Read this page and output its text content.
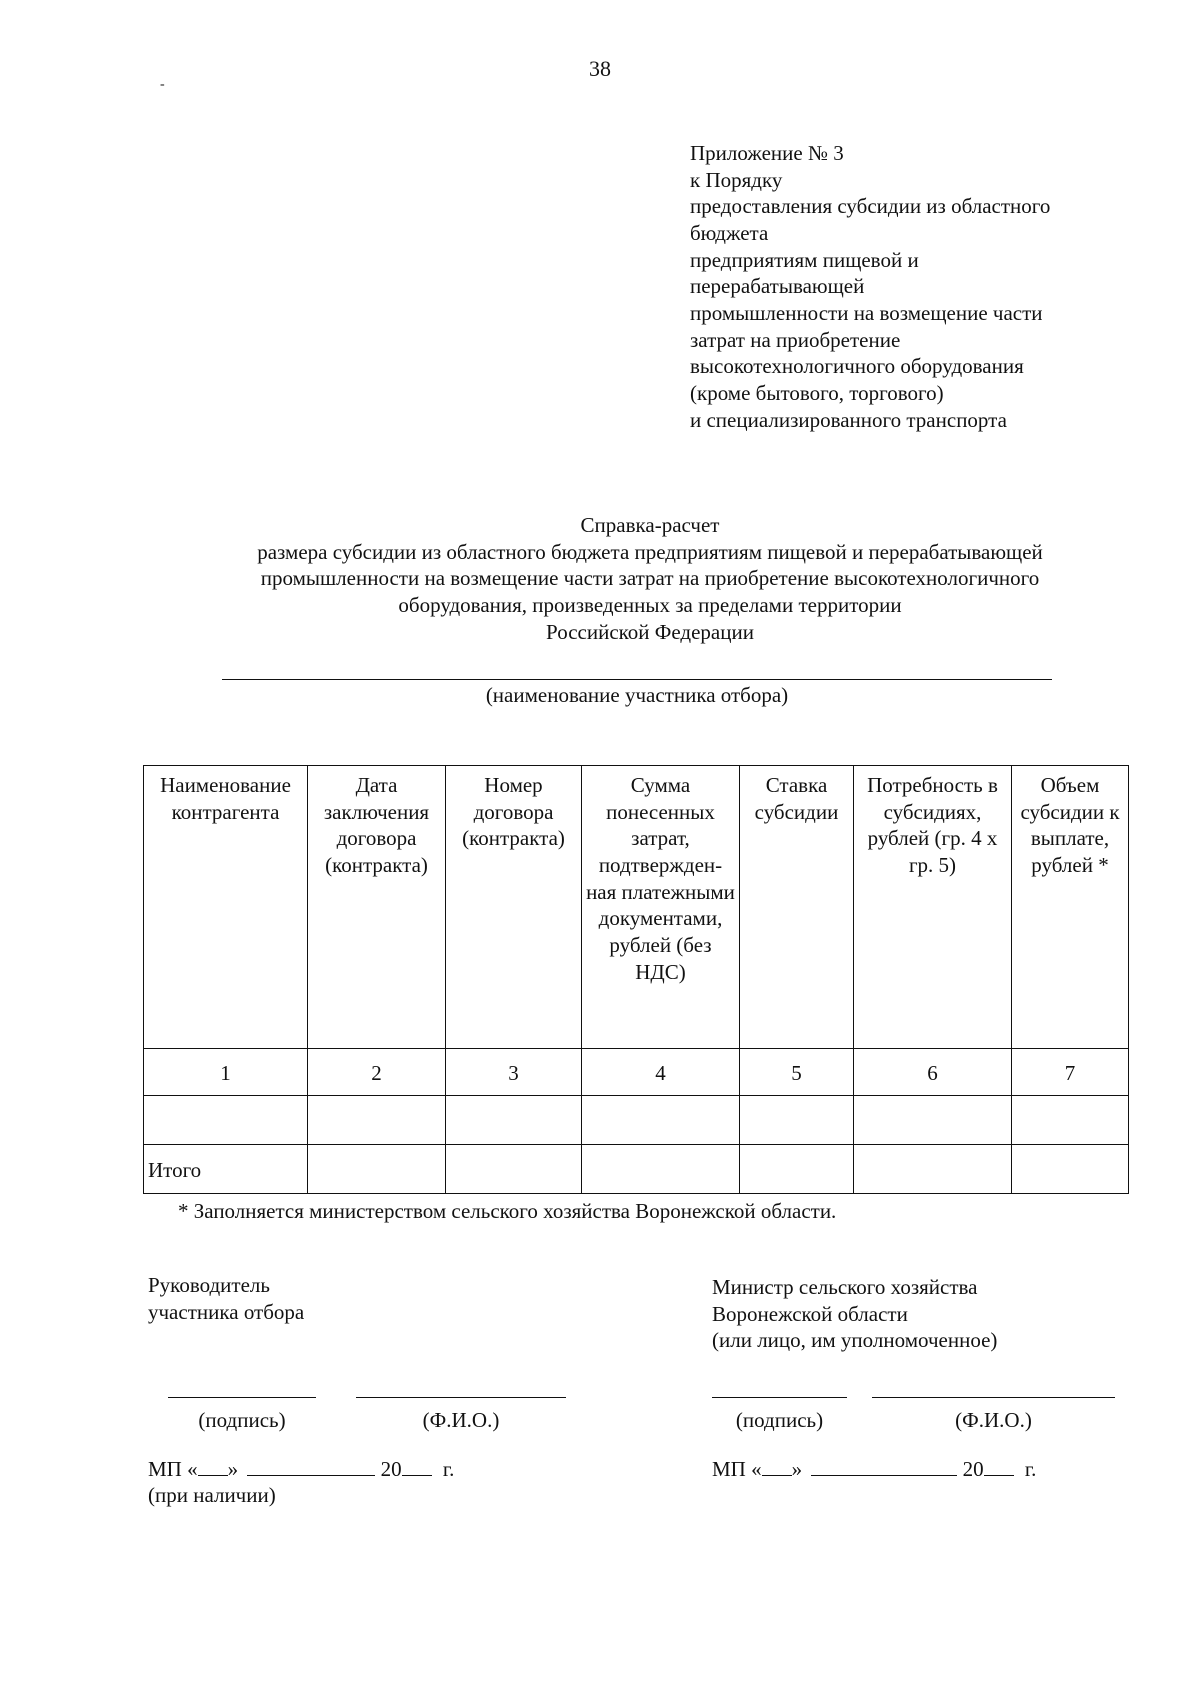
38
-
Приложение № 3
к Порядку
предоставления субсидии из областного
бюджета
предприятиям пищевой и
перерабатывающей
промышленности на возмещение части
затрат на приобретение
высокотехнологичного оборудования
(кроме бытового, торгового)
и специализированного транспорта
Справка-расчет
размера субсидии из областного бюджета предприятиям пищевой и перерабатывающей
промышленности на возмещение части затрат на приобретение высокотехнологичного
оборудования, произведенных за пределами территории
Российской Федерации
(наименование участника отбора)
Наименование контрагента	Дата заключения договора (контракта)	Номер договора (контракта)	Сумма понесенных затрат, подтвержден-ная платежными документами, рублей (без НДС)	Ставка субсидии	Потребность в субсидиях, рублей (гр. 4 х гр. 5)	Объем субсидии к выплате, рублей *
1	2	3	4	5	6	7

Итого						
* Заполняется министерством сельского хозяйства Воронежской области.
Руководитель
участника отбора
(подпись)	(Ф.И.О.)
МП « »	20 г.
(при наличии)
Министр сельского хозяйства
Воронежской области
(или лицо, им уполномоченное)
(подпись)	(Ф.И.О.)
МП « »	20 г.
